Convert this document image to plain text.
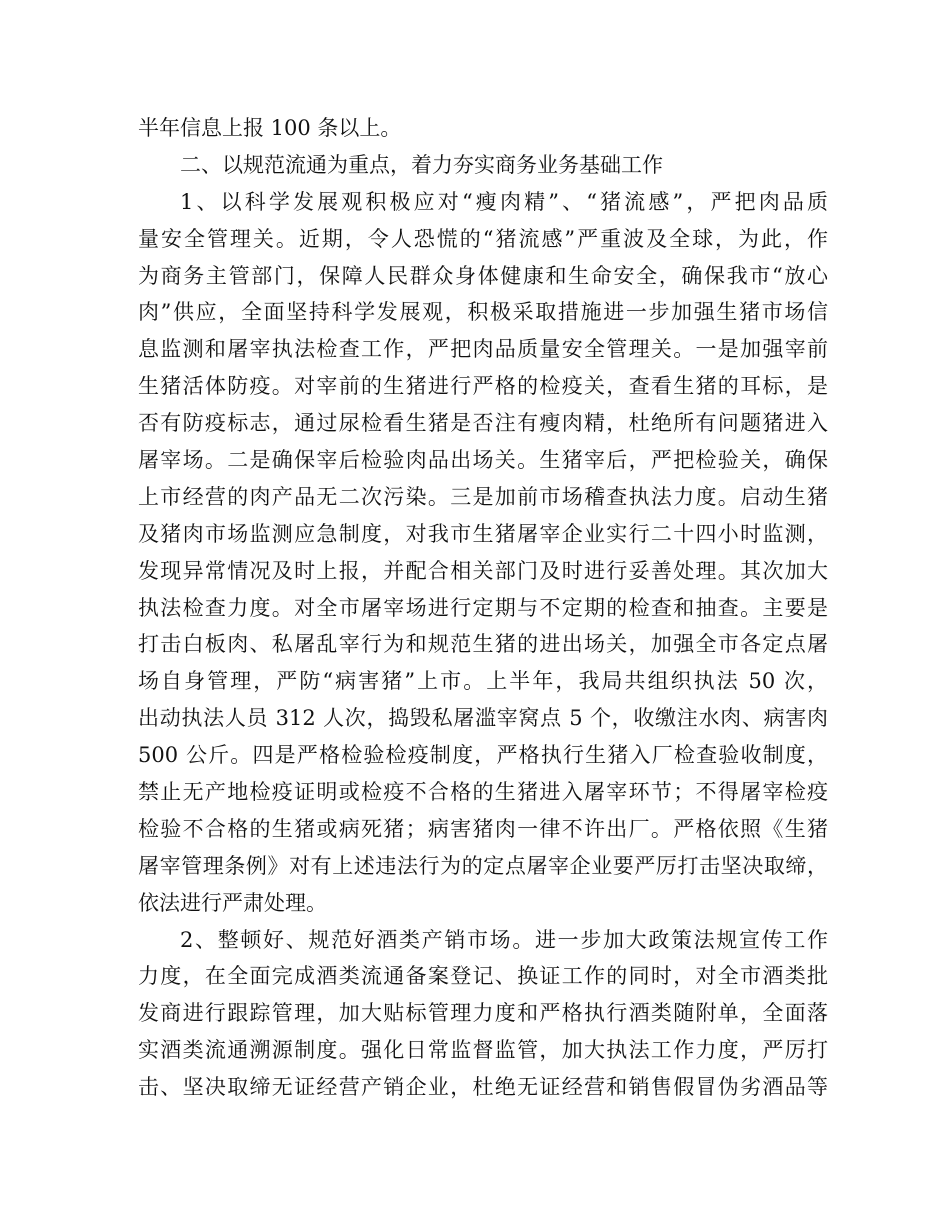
半年信息上报 100 条以上。
二、以规范流通为重点，着力夯实商务业务基础工作
1、以科学发展观积极应对“瘦肉精”、“猪流感”，严把肉品质
量安全管理关。近期，令人恐慌的“猪流感”严重波及全球，为此，作
为商务主管部门，保障人民群众身体健康和生命安全，确保我市“放心
肉”供应，全面坚持科学发展观，积极采取措施进一步加强生猪市场信
息监测和屠宰执法检查工作，严把肉品质量安全管理关。一是加强宰前
生猪活体防疫。对宰前的生猪进行严格的检疫关，查看生猪的耳标，是
否有防疫标志，通过尿检看生猪是否注有瘦肉精，杜绝所有问题猪进入
屠宰场。二是确保宰后检验肉品出场关。生猪宰后，严把检验关，确保
上市经营的肉产品无二次污染。三是加前市场稽查执法力度。启动生猪
及猪肉市场监测应急制度，对我市生猪屠宰企业实行二十四小时监测，
发现异常情况及时上报，并配合相关部门及时进行妥善处理。其次加大
执法检查力度。对全市屠宰场进行定期与不定期的检查和抽查。主要是
打击白板肉、私屠乱宰行为和规范生猪的进出场关，加强全市各定点屠
场自身管理，严防“病害猪”上市。上半年，我局共组织执法 50 次，
出动执法人员 312 人次，捣毁私屠滥宰窝点 5 个，收缴注水肉、病害肉
500 公斤。四是严格检验检疫制度，严格执行生猪入厂检查验收制度，
禁止无产地检疫证明或检疫不合格的生猪进入屠宰环节；不得屠宰检疫
检验不合格的生猪或病死猪；病害猪肉一律不许出厂。严格依照《生猪
屠宰管理条例》对有上述违法行为的定点屠宰企业要严厉打击坚决取缔，
依法进行严肃处理。
2、整顿好、规范好酒类产销市场。进一步加大政策法规宣传工作
力度，在全面完成酒类流通备案登记、换证工作的同时，对全市酒类批
发商进行跟踪管理，加大贴标管理力度和严格执行酒类随附单，全面落
实酒类流通溯源制度。强化日常监督监管，加大执法工作力度，严厉打
击、坚决取缔无证经营产销企业，杜绝无证经营和销售假冒伪劣酒品等
